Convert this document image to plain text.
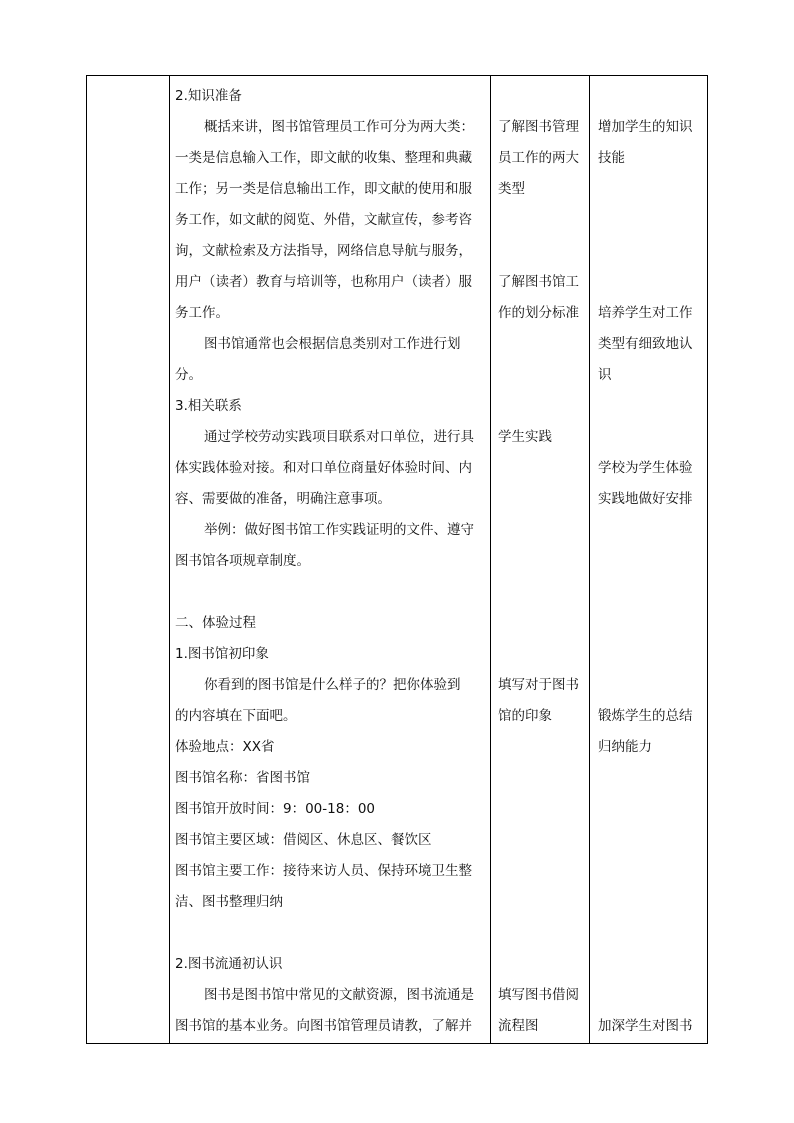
2.知识准备
概括来讲，图书馆管理员工作可分为两大类：
一类是信息输入工作，即文献的收集、整理和典藏
工作；另一类是信息输出工作，即文献的使用和服
务工作，如文献的阅览、外借，文献宣传，参考咨
询，文献检索及方法指导，网络信息导航与服务，
用户（读者）教育与培训等，也称用户（读者）服
务工作。
图书馆通常也会根据信息类别对工作进行划
分。
3.相关联系
通过学校劳动实践项目联系对口单位，进行具
体实践体验对接。和对口单位商量好体验时间、内
容、需要做的准备，明确注意事项。
举例：做好图书馆工作实践证明的文件、遵守
图书馆各项规章制度。
二、体验过程
1.图书馆初印象
你看到的图书馆是什么样子的？把你体验到
的内容填在下面吧。
体验地点：XX省
图书馆名称：省图书馆
图书馆开放时间：9：00-18：00
图书馆主要区域：借阅区、休息区、餐饮区
图书馆主要工作：接待来访人员、保持环境卫生整
洁、图书整理归纳
2.图书流通初认识
图书是图书馆中常见的文献资源，图书流通是
图书馆的基本业务。向图书馆管理员请教，了解并
了解图书管理
员工作的两大
类型
了解图书馆工
作的划分标准
学生实践
填写对于图书
馆的印象
填写图书借阅
流程图
增加学生的知识
技能
培养学生对工作
类型有细致地认
识
学校为学生体验
实践地做好安排
锻炼学生的总结
归纳能力
加深学生对图书
